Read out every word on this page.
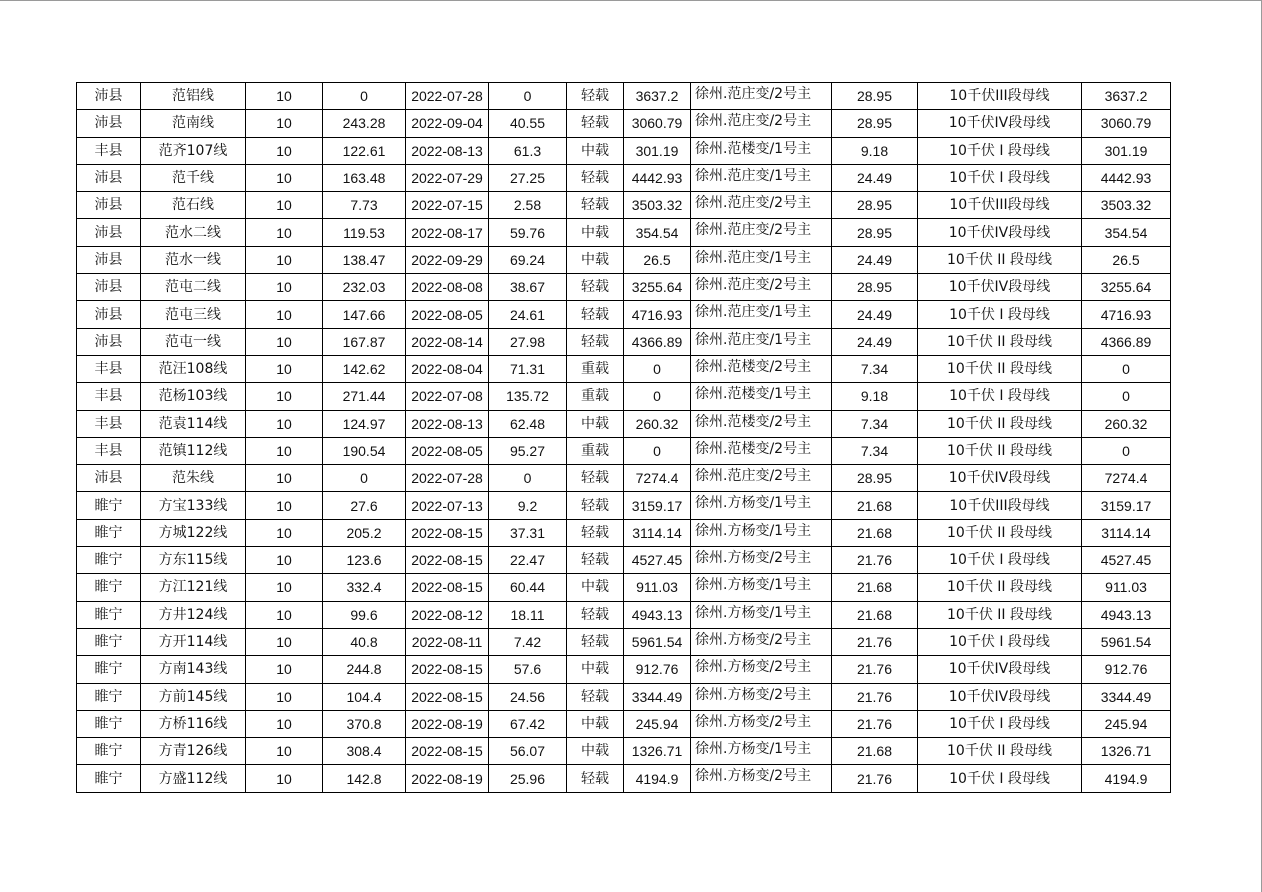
沛县	范铝线	10	0	2022-07-28	0	轻载	3637.2	徐州.范庄变/2号主	28.95	10千伏III段母线	3637.2
沛县	范南线	10	243.28	2022-09-04	40.55	轻载	3060.79	徐州.范庄变/2号主	28.95	10千伏IV段母线	3060.79
丰县	范齐107线	10	122.61	2022-08-13	61.3	中载	301.19	徐州.范楼变/1号主	9.18	10千伏 I 段母线	301.19
沛县	范千线	10	163.48	2022-07-29	27.25	轻载	4442.93	徐州.范庄变/1号主	24.49	10千伏 I 段母线	4442.93
沛县	范石线	10	7.73	2022-07-15	2.58	轻载	3503.32	徐州.范庄变/2号主	28.95	10千伏III段母线	3503.32
沛县	范水二线	10	119.53	2022-08-17	59.76	中载	354.54	徐州.范庄变/2号主	28.95	10千伏IV段母线	354.54
沛县	范水一线	10	138.47	2022-09-29	69.24	中载	26.5	徐州.范庄变/1号主	24.49	10千伏 II 段母线	26.5
沛县	范屯二线	10	232.03	2022-08-08	38.67	轻载	3255.64	徐州.范庄变/2号主	28.95	10千伏IV段母线	3255.64
沛县	范屯三线	10	147.66	2022-08-05	24.61	轻载	4716.93	徐州.范庄变/1号主	24.49	10千伏 I 段母线	4716.93
沛县	范屯一线	10	167.87	2022-08-14	27.98	轻载	4366.89	徐州.范庄变/1号主	24.49	10千伏 II 段母线	4366.89
丰县	范汪108线	10	142.62	2022-08-04	71.31	重载	0	徐州.范楼变/2号主	7.34	10千伏 II 段母线	0
丰县	范杨103线	10	271.44	2022-07-08	135.72	重载	0	徐州.范楼变/1号主	9.18	10千伏 I 段母线	0
丰县	范袁114线	10	124.97	2022-08-13	62.48	中载	260.32	徐州.范楼变/2号主	7.34	10千伏 II 段母线	260.32
丰县	范镇112线	10	190.54	2022-08-05	95.27	重载	0	徐州.范楼变/2号主	7.34	10千伏 II 段母线	0
沛县	范朱线	10	0	2022-07-28	0	轻载	7274.4	徐州.范庄变/2号主	28.95	10千伏IV段母线	7274.4
睢宁	方宝133线	10	27.6	2022-07-13	9.2	轻载	3159.17	徐州.方杨变/1号主	21.68	10千伏III段母线	3159.17
睢宁	方城122线	10	205.2	2022-08-15	37.31	轻载	3114.14	徐州.方杨变/1号主	21.68	10千伏 II 段母线	3114.14
睢宁	方东115线	10	123.6	2022-08-15	22.47	轻载	4527.45	徐州.方杨变/2号主	21.76	10千伏 I 段母线	4527.45
睢宁	方江121线	10	332.4	2022-08-15	60.44	中载	911.03	徐州.方杨变/1号主	21.68	10千伏 II 段母线	911.03
睢宁	方井124线	10	99.6	2022-08-12	18.11	轻载	4943.13	徐州.方杨变/1号主	21.68	10千伏 II 段母线	4943.13
睢宁	方开114线	10	40.8	2022-08-11	7.42	轻载	5961.54	徐州.方杨变/2号主	21.76	10千伏 I 段母线	5961.54
睢宁	方南143线	10	244.8	2022-08-15	57.6	中载	912.76	徐州.方杨变/2号主	21.76	10千伏IV段母线	912.76
睢宁	方前145线	10	104.4	2022-08-15	24.56	轻载	3344.49	徐州.方杨变/2号主	21.76	10千伏IV段母线	3344.49
睢宁	方桥116线	10	370.8	2022-08-19	67.42	中载	245.94	徐州.方杨变/2号主	21.76	10千伏 I 段母线	245.94
睢宁	方青126线	10	308.4	2022-08-15	56.07	中载	1326.71	徐州.方杨变/1号主	21.68	10千伏 II 段母线	1326.71
睢宁	方盛112线	10	142.8	2022-08-19	25.96	轻载	4194.9	徐州.方杨变/2号主	21.76	10千伏 I 段母线	4194.9
